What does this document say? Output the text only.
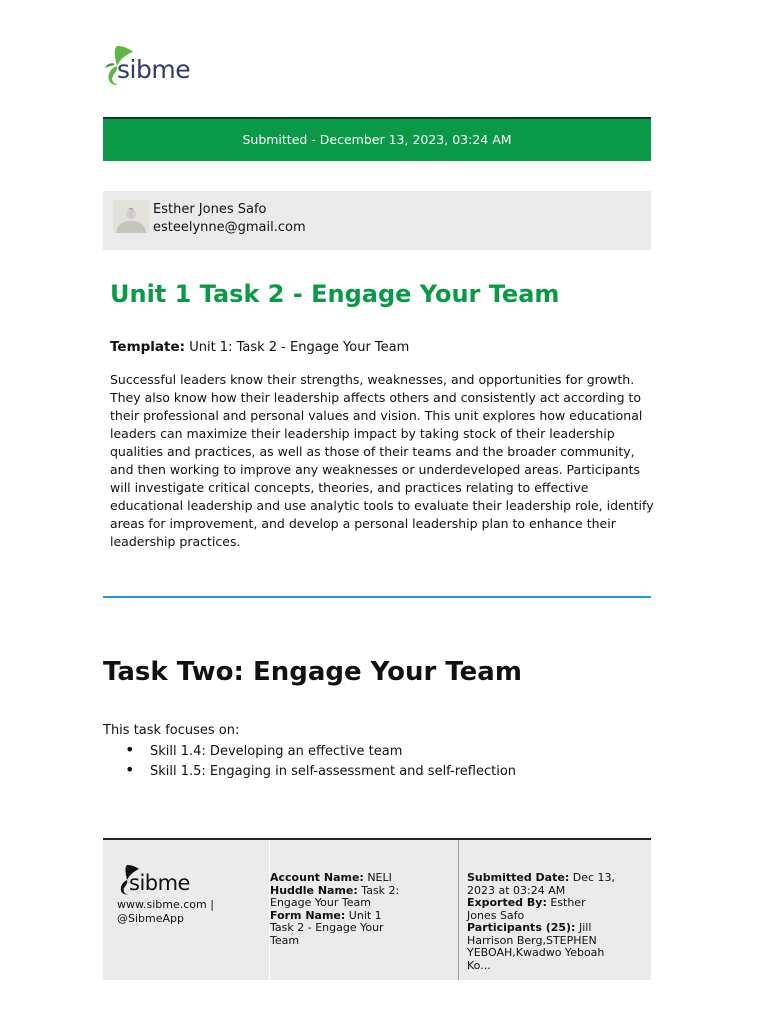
sibme
Submitted - December 13, 2023, 03:24 AM
Esther Jones Safo
esteelynne@gmail.com
Unit 1 Task 2 - Engage Your Team
Template: Unit 1: Task 2 - Engage Your Team

Successful leaders know their strengths, weaknesses, and opportunities for growth. They also know how their leadership affects others and consistently act according to their professional and personal values and vision. This unit explores how educational leaders can maximize their leadership impact by taking stock of their leadership qualities and practices, as well as those of their teams and the broader community, and then working to improve any weaknesses or underdeveloped areas. Participants will investigate critical concepts, theories, and practices relating to effective educational leadership and use analytic tools to evaluate their leadership role, identify areas for improvement, and develop a personal leadership plan to enhance their leadership practices.

Task Two: Engage Your Team
This task focuses on:
• Skill 1.4: Developing an effective team
• Skill 1.5: Engaging in self-assessment and self-reflection
sibme
www.sibme.com | @SibmeApp
Account Name: NELI
Huddle Name: Task 2: Engage Your Team
Form Name: Unit 1 Task 2 - Engage Your Team
Submitted Date: Dec 13, 2023 at 03:24 AM
Exported By: Esther Jones Safo
Participants (25): Jill Harrison Berg,STEPHEN YEBOAH,Kwadwo Yeboah Ko...
